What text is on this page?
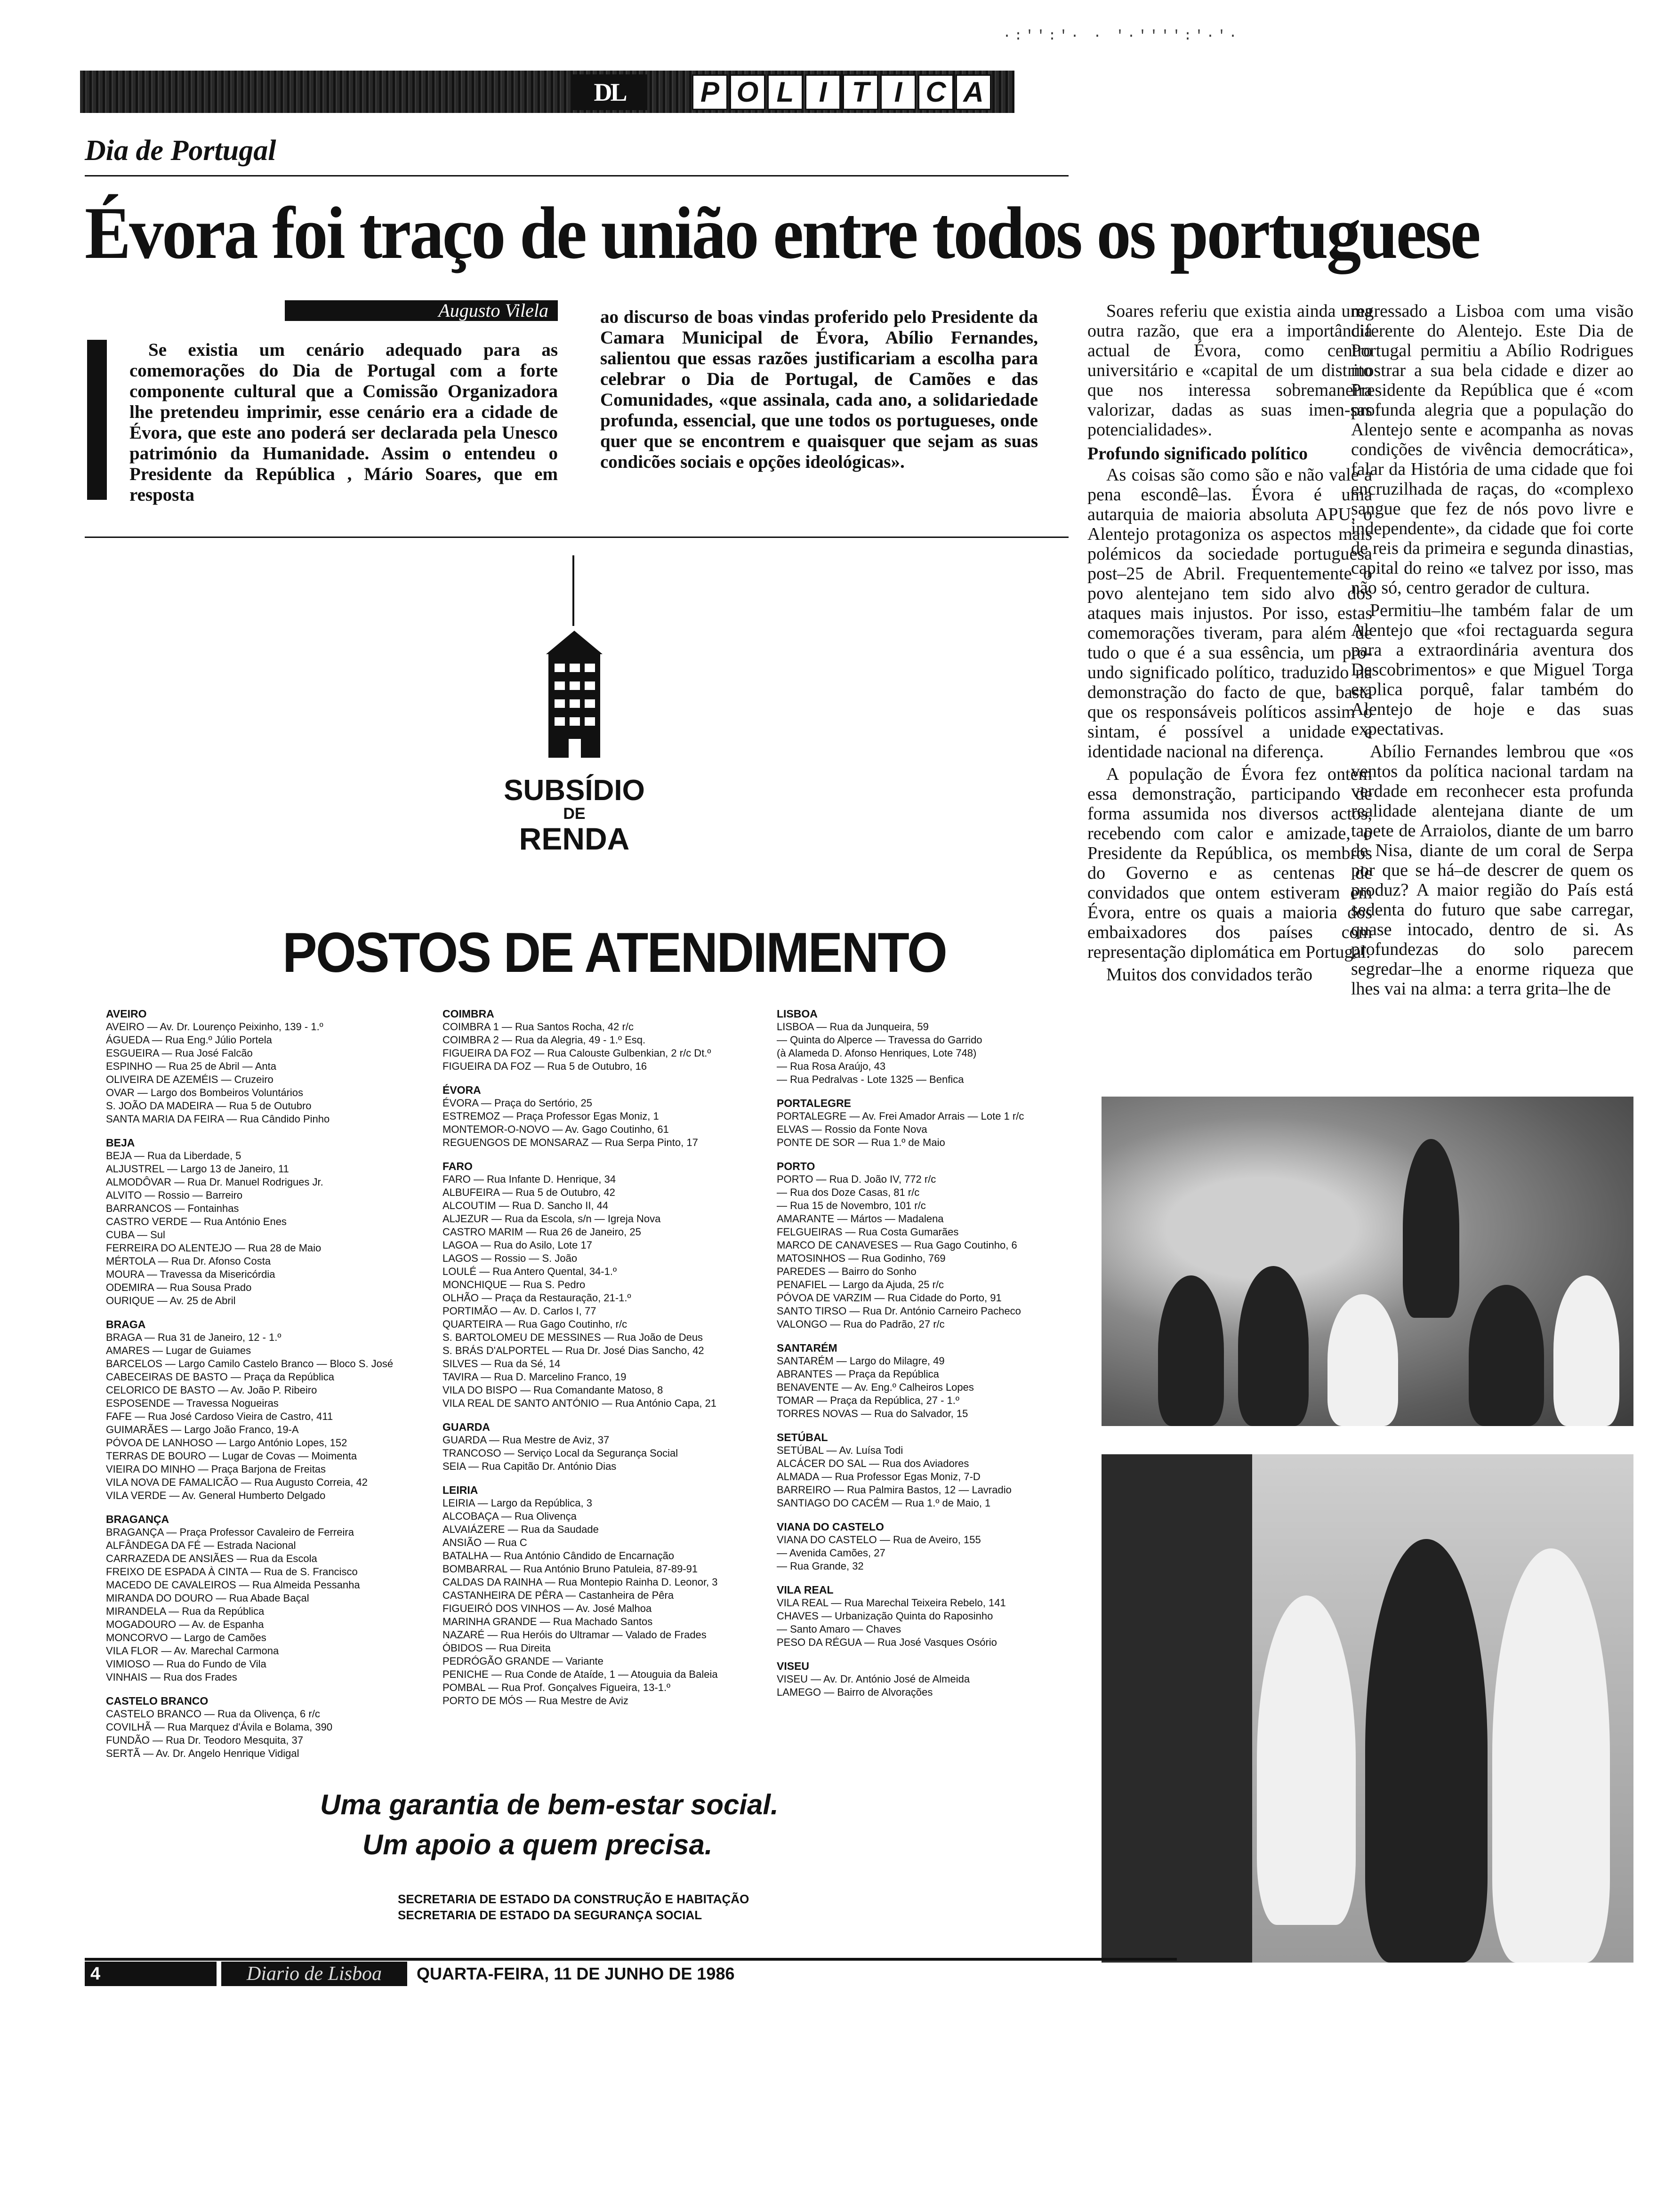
·:'':'· · '·'''':'·'·
DL	P O L I T I C A
Dia de Portugal
Évora foi traço de união entre todos os portuguese
Augusto Vilela

Se existia um cenário adequado para as comemorações do Dia de Portugal com a forte componente cultural que a Comissão Organizadora lhe pretendeu imprimir, esse cenário era a cidade de Évora, que este ano poderá ser declarada pela Unesco património da Humanidade. Assim o entendeu o Presidente da República , Mário Soares, que em resposta

ao discurso de boas vindas proferido pelo Presidente da Camara Municipal de Évora, Abílio Fernandes, salientou que essas razões justificariam a escolha para celebrar o Dia de Portugal, de Camões e das Comunidades, «que assinala, cada ano, a solidariedade profunda, essencial, que une todos os portugueses, onde quer que se encontrem e quaisquer que sejam as suas condicões sociais e opções ideológicas».

Soares referiu que existia ainda uma outra razão, que era a importância actual de Évora, como centro universitário e «capital de um distrito que nos interessa sobremaneira valorizar, dadas as suas imen-sas potencialidades».

Profundo significado político

As coisas são como são e não vale a pena escondê–las. Évora é uma autarquia de maioria absoluta APU, o Alentejo protagoniza os aspectos mais polémicos da sociedade portuguesa post–25 de Abril. Frequentemente o povo alentejano tem sido alvo dos ataques mais injustos. Por isso, estas comemorações tiveram, para além de tudo o que é a sua essência, um pro-undo significado político, traduzido na demonstração do facto de que, basta que os responsáveis políticos assim o sintam, é possível a unidade e identidade nacional na diferença.

A população de Évora fez ontem essa demonstração, participando de forma assumida nos diversos actos, recebendo com calor e amizade, o Presidente da República, os membros do Governo e as centenas de convidados que ontem estiveram em Évora, entre os quais a maioria dos embaixadores dos países com representação diplomática em Portugal.

Muitos dos convidados terão

regressado a Lisboa com uma visão diferente do Alentejo. Este Dia de Portugal permitiu a Abílio Rodrigues mostrar a sua bela cidade e dizer ao Presidente da República que é «com profunda alegria que a população do Alentejo sente e acompanha as novas condições de vivência democrática», falar da História de uma cidade que foi encruzilhada de raças, do «complexo sangue que fez de nós povo livre e independente», da cidade que foi corte de reis da primeira e segunda dinastias, capital do reino «e talvez por isso, mas não só, centro gerador de cultura.

Permitiu–lhe também falar de um Alentejo que «foi rectaguarda segura para a extraordinária aventura dos Descobrimentos» e que Miguel Torga explica porquê, falar também do Alentejo de hoje e das suas expectativas.

Abílio Fernandes lembrou que «os ventos da política nacional tardam na verdade em reconhecer esta profunda realidade alentejana diante de um tapete de Arraiolos, diante de um barro de Nisa, diante de um coral de Serpa por que se há–de descrer de quem os produz? A maior região do País está sedenta do futuro que sabe carregar, quase intocado, dentro de si. As profundezas do solo parecem segredar–lhe a enorme riqueza que lhes vai na alma: a terra grita–lhe de

SUBSÍDIO
DE
RENDA
POSTOS DE ATENDIMENTO
AVEIRO
AVEIRO — Av. Dr. Lourenço Peixinho, 139 - 1.º
ÁGUEDA — Rua Eng.º Júlio Portela
ESGUEIRA — Rua José Falcão
ESPINHO — Rua 25 de Abril — Anta
OLIVEIRA DE AZEMÉIS — Cruzeiro
OVAR — Largo dos Bombeiros Voluntários
S. JOÃO DA MADEIRA — Rua 5 de Outubro
SANTA MARIA DA FEIRA — Rua Cândido Pinho
BEJA
BEJA — Rua da Liberdade, 5
ALJUSTREL — Largo 13 de Janeiro, 11
ALMODÔVAR — Rua Dr. Manuel Rodrigues Jr.
ALVITO — Rossio — Barreiro
BARRANCOS — Fontainhas
CASTRO VERDE — Rua António Enes
CUBA — Sul
FERREIRA DO ALENTEJO — Rua 28 de Maio
MÉRTOLA — Rua Dr. Afonso Costa
MOURA — Travessa da Misericórdia
ODEMIRA — Rua Sousa Prado
OURIQUE — Av. 25 de Abril
BRAGA
BRAGA — Rua 31 de Janeiro, 12 - 1.º
AMARES — Lugar de Guiames
BARCELOS — Largo Camilo Castelo Branco — Bloco S. José
CABECEIRAS DE BASTO — Praça da República
CELORICO DE BASTO — Av. João P. Ribeiro
ESPOSENDE — Travessa Nogueiras
FAFE — Rua José Cardoso Vieira de Castro, 411
GUIMARÃES — Largo João Franco, 19-A
PÓVOA DE LANHOSO — Largo António Lopes, 152
TERRAS DE BOURO — Lugar de Covas — Moimenta
VIEIRA DO MINHO — Praça Barjona de Freitas
VILA NOVA DE FAMALICÃO — Rua Augusto Correia, 42
VILA VERDE — Av. General Humberto Delgado
BRAGANÇA
BRAGANÇA — Praça Professor Cavaleiro de Ferreira
ALFÂNDEGA DA FÉ — Estrada Nacional
CARRAZEDA DE ANSIÃES — Rua da Escola
FREIXO DE ESPADA À CINTA — Rua de S. Francisco
MACEDO DE CAVALEIROS — Rua Almeida Pessanha
MIRANDA DO DOURO — Rua Abade Baçal
MIRANDELA — Rua da República
MOGADOURO — Av. de Espanha
MONCORVO — Largo de Camões
VILA FLOR — Av. Marechal Carmona
VIMIOSO — Rua do Fundo de Vila
VINHAIS — Rua dos Frades
CASTELO BRANCO
CASTELO BRANCO — Rua da Olivença, 6 r/c
COVILHÃ — Rua Marquez d'Ávila e Bolama, 390
FUNDÃO — Rua Dr. Teodoro Mesquita, 37
SERTÃ — Av. Dr. Angelo Henrique Vidigal
COIMBRA
COIMBRA 1 — Rua Santos Rocha, 42 r/c
COIMBRA 2 — Rua da Alegria, 49 - 1.º Esq.
FIGUEIRA DA FOZ — Rua Calouste Gulbenkian, 2 r/c Dt.º
FIGUEIRA DA FOZ — Rua 5 de Outubro, 16
ÉVORA
ÉVORA — Praça do Sertório, 25
ESTREMOZ — Praça Professor Egas Moniz, 1
MONTEMOR-O-NOVO — Av. Gago Coutinho, 61
REGUENGOS DE MONSARAZ — Rua Serpa Pinto, 17
FARO
FARO — Rua Infante D. Henrique, 34
ALBUFEIRA — Rua 5 de Outubro, 42
ALCOUTIM — Rua D. Sancho II, 44
ALJEZUR — Rua da Escola, s/n — Igreja Nova
CASTRO MARIM — Rua 26 de Janeiro, 25
LAGOA — Rua do Asilo, Lote 17
LAGOS — Rossio — S. João
LOULÉ — Rua Antero Quental, 34-1.º
MONCHIQUE — Rua S. Pedro
OLHÃO — Praça da Restauração, 21-1.º
PORTIMÃO — Av. D. Carlos I, 77
QUARTEIRA — Rua Gago Coutinho, r/c
S. BARTOLOMEU DE MESSINES — Rua João de Deus
S. BRÁS D'ALPORTEL — Rua Dr. José Dias Sancho, 42
SILVES — Rua da Sé, 14
TAVIRA — Rua D. Marcelino Franco, 19
VILA DO BISPO — Rua Comandante Matoso, 8
VILA REAL DE SANTO ANTÓNIO — Rua António Capa, 21
GUARDA
GUARDA — Rua Mestre de Aviz, 37
TRANCOSO — Serviço Local da Segurança Social
SEIA — Rua Capitão Dr. António Dias
LEIRIA
LEIRIA — Largo da República, 3
ALCOBAÇA — Rua Olivença
ALVAIÁZERE — Rua da Saudade
ANSIÃO — Rua C
BATALHA — Rua António Cândido de Encarnação
BOMBARRAL — Rua António Bruno Patuleia, 87-89-91
CALDAS DA RAINHA — Rua Montepio Rainha D. Leonor, 3
CASTANHEIRA DE PÊRA — Castanheira de Pêra
FIGUEIRÓ DOS VINHOS — Av. José Malhoa
MARINHA GRANDE — Rua Machado Santos
NAZARÉ — Rua Heróis do Ultramar — Valado de Frades
ÓBIDOS — Rua Direita
PEDRÓGÃO GRANDE — Variante
PENICHE — Rua Conde de Ataíde, 1 — Atouguia da Baleia
POMBAL — Rua Prof. Gonçalves Figueira, 13-1.º
PORTO DE MÓS — Rua Mestre de Aviz
LISBOA
LISBOA — Rua da Junqueira, 59
— Quinta do Alperce — Travessa do Garrido
(à Alameda D. Afonso Henriques, Lote 748)
— Rua Rosa Araújo, 43
— Rua Pedralvas - Lote 1325 — Benfica
PORTALEGRE
PORTALEGRE — Av. Frei Amador Arrais — Lote 1 r/c
ELVAS — Rossio da Fonte Nova
PONTE DE SOR — Rua 1.º de Maio
PORTO
PORTO — Rua D. João IV, 772 r/c
— Rua dos Doze Casas, 81 r/c
— Rua 15 de Novembro, 101 r/c
AMARANTE — Mártos — Madalena
FELGUEIRAS — Rua Costa Gumarães
MARCO DE CANAVESES — Rua Gago Coutinho, 6
MATOSINHOS — Rua Godinho, 769
PAREDES — Bairro do Sonho
PENAFIEL — Largo da Ajuda, 25 r/c
PÓVOA DE VARZIM — Rua Cidade do Porto, 91
SANTO TIRSO — Rua Dr. António Carneiro Pacheco
VALONGO — Rua do Padrão, 27 r/c
SANTARÉM
SANTARÉM — Largo do Milagre, 49
ABRANTES — Praça da República
BENAVENTE — Av. Eng.º Calheiros Lopes
TOMAR — Praça da República, 27 - 1.º
TORRES NOVAS — Rua do Salvador, 15
SETÚBAL
SETÚBAL — Av. Luísa Todi
ALCÁCER DO SAL — Rua dos Aviadores
ALMADA — Rua Professor Egas Moniz, 7-D
BARREIRO — Rua Palmira Bastos, 12 — Lavradio
SANTIAGO DO CACÉM — Rua 1.º de Maio, 1
VIANA DO CASTELO
VIANA DO CASTELO — Rua de Aveiro, 155
— Avenida Camões, 27
— Rua Grande, 32
VILA REAL
VILA REAL — Rua Marechal Teixeira Rebelo, 141
CHAVES — Urbanização Quinta do Raposinho
— Santo Amaro — Chaves
PESO DA RÉGUA — Rua José Vasques Osório
VISEU
VISEU — Av. Dr. António José de Almeida
LAMEGO — Bairro de Alvorações
Uma garantia de bem-estar social.
Um apoio a quem precisa.
SECRETARIA DE ESTADO DA CONSTRUÇÃO E HABITAÇÃO
SECRETARIA DE ESTADO DA SEGURANÇA SOCIAL
4	Diario de Lisboa	QUARTA-FEIRA, 11 DE JUNHO DE 1986
